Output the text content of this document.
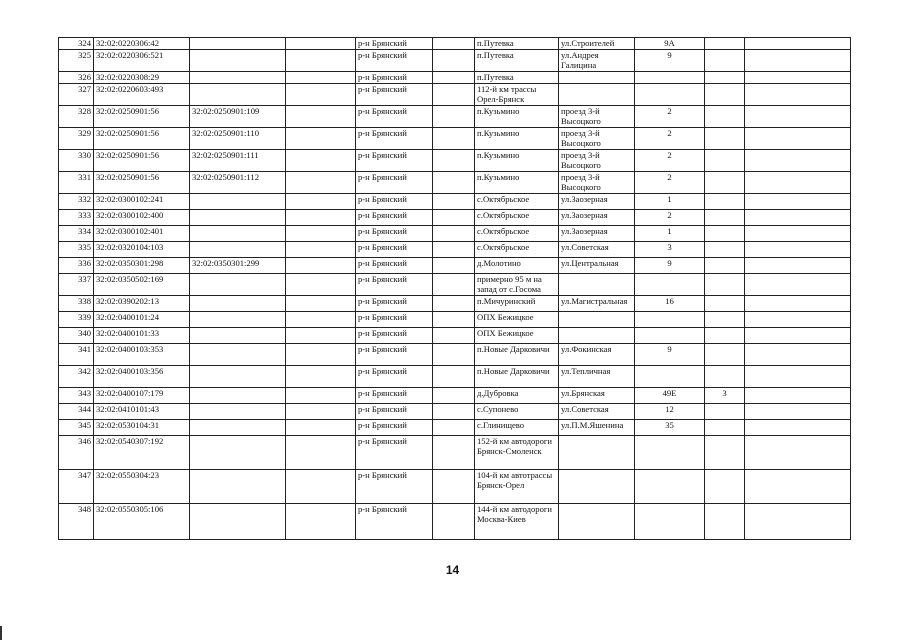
324	32:02:0220306:42			р-н Брянский		п.Путевка	ул.Строителей	9А		
325	32:02:0220306:521			р-н Брянский		п.Путевка	ул.Андрея Галицина	9		
326	32:02:0220308:29			р-н Брянский		п.Путевка				
327	32:02:0220603:493			р-н Брянский		112-й км трассы Орел-Брянск				
328	32:02:0250901:56	32:02:0250901:109		р-н Брянский		п.Кузьмино	проезд 3-й Высоцкого	2		
329	32:02:0250901:56	32:02:0250901:110		р-н Брянский		п.Кузьмино	проезд 3-й Высоцкого	2		
330	32:02:0250901:56	32:02:0250901:111		р-н Брянский		п.Кузьмино	проезд 3-й Высоцкого	2		
331	32:02:0250901:56	32:02:0250901:112		р-н Брянский		п.Кузьмино	проезд 3-й Высоцкого	2		
332	32:02:0300102:241			р-н Брянский		с.Октябрьское	ул.Заозерная	1		
333	32:02:0300102:400			р-н Брянский		с.Октябрьское	ул.Заозерная	2		
334	32:02:0300102:401			р-н Брянский		с.Октябрьское	ул.Заозерная	1		
335	32:02:0320104:103			р-н Брянский		с.Октябрьское	ул.Советская	3		
336	32:02:0350301:298	32:02:0350301:299		р-н Брянский		д.Молотино	ул.Центральная	9		
337	32:02:0350502:169			р-н Брянский		примерно 95 м на запад от с.Госома				
338	32:02:0390202:13			р-н Брянский		п.Мичуринский	ул.Магистральная	16		
339	32:02:0400101:24			р-н Брянский		ОПХ Бежицкое				
340	32:02:0400101:33			р-н Брянский		ОПХ Бежицкое				
341	32:02:0400103:353			р-н Брянский		п.Новые Дарковичи	ул.Фокинская	9		
342	32:02:0400103:356			р-н Брянский		п.Новые Дарковичи	ул.Тепличная			
343	32:02:0400107:179			р-н Брянский		д.Дубровка	ул.Брянская	49Е	3	
344	32:02:0410101:43			р-н Брянский		с.Супонево	ул.Советская	12		
345	32:02:0530104:31			р-н Брянский		с.Глинищево	ул.П.М.Яшенина	35		
346	32:02:0540307:192			р-н Брянский		152-й км автодороги Брянск-Смоленск				
347	32:02:0550304:23			р-н Брянский		104-й км автотрассы Брянск-Орел				
348	32:02:0550305:106			р-н Брянский		144-й км автодороги Москва-Киев				
14
